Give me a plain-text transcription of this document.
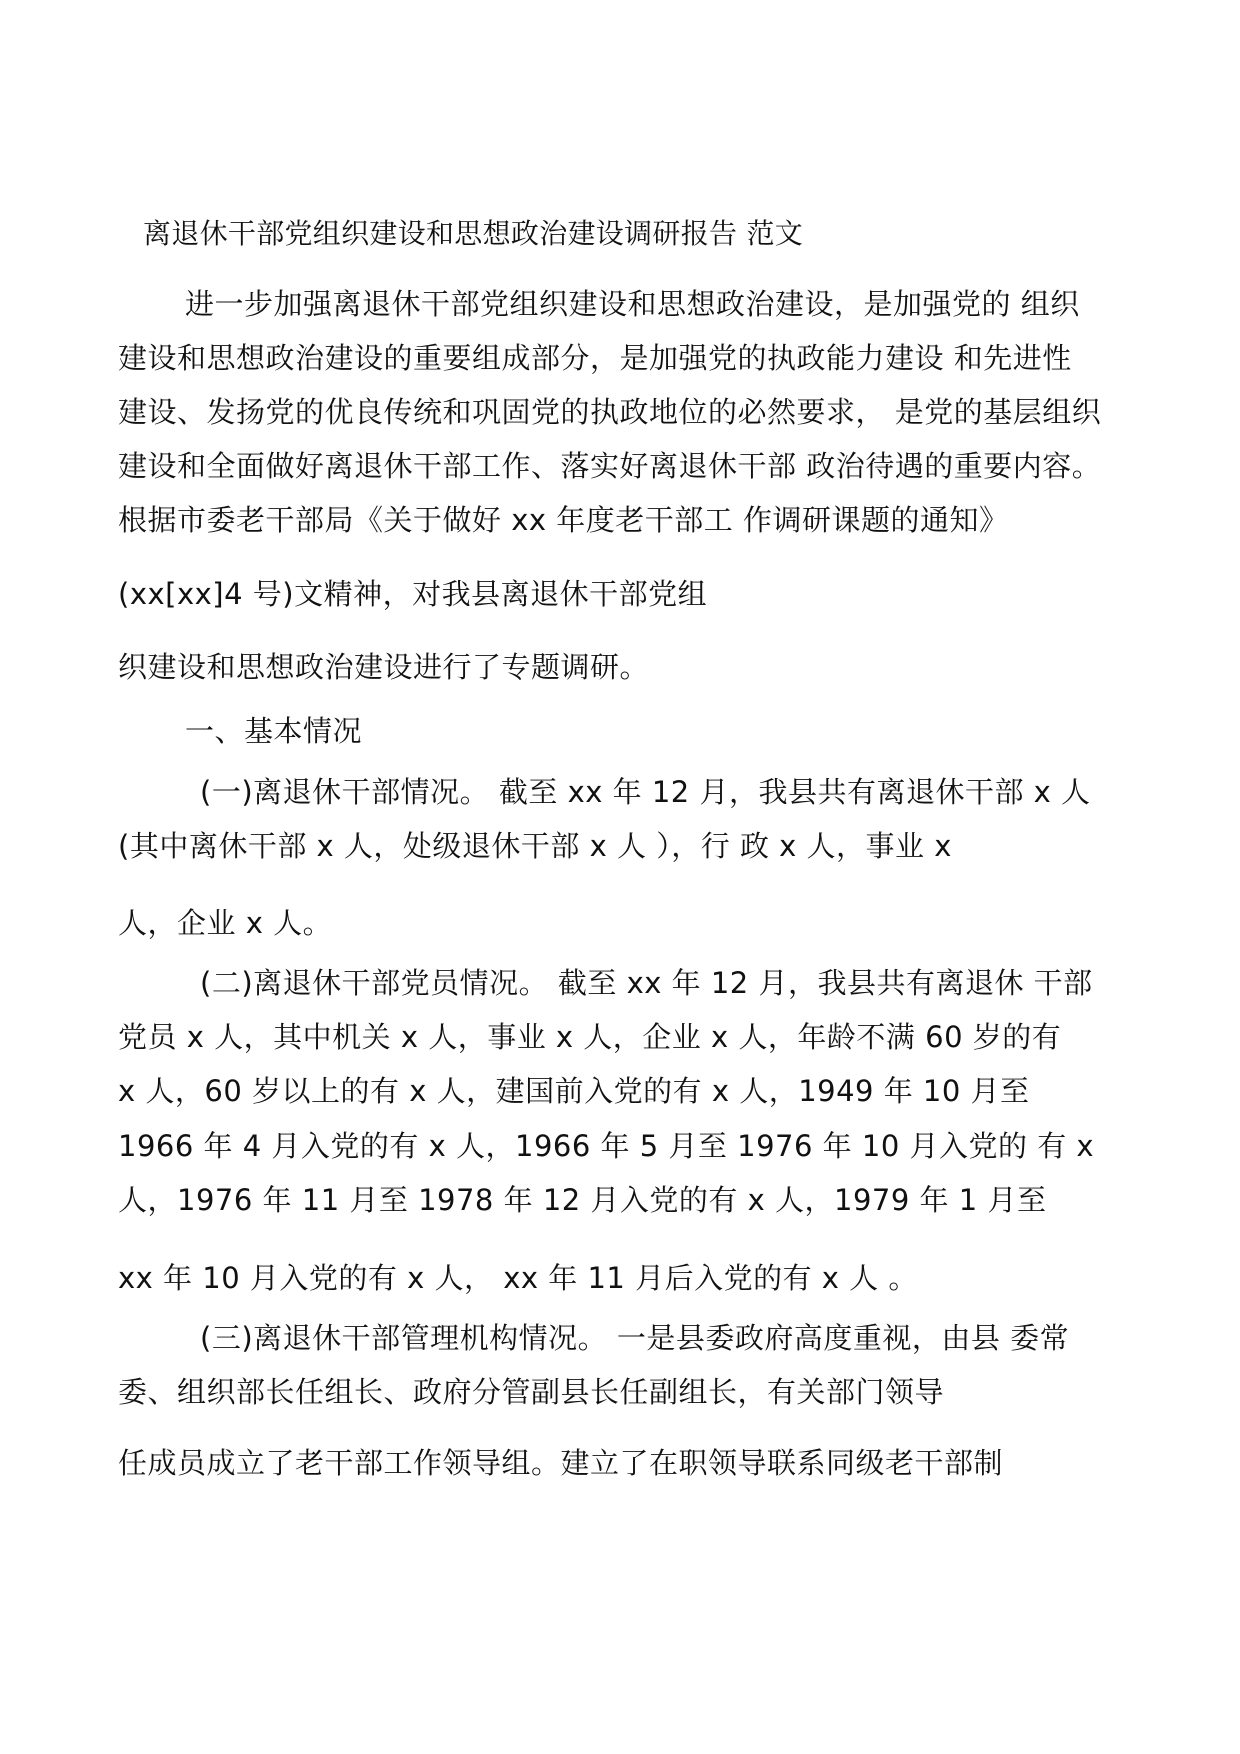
离退休干部党组织建设和思想政治建设调研报告 范文
进一步加强离退休干部党组织建设和思想政治建设，是加强党的 组织
建设和思想政治建设的重要组成部分，是加强党的执政能力建设 和先进性
建设、发扬党的优良传统和巩固党的执政地位的必然要求， 是党的基层组织
建设和全面做好离退休干部工作、落实好离退休干部 政治待遇的重要内容。
根据市委老干部局《关于做好 xx 年度老干部工 作调研课题的通知》
(xx[xx]4 号)文精神，对我县离退休干部党组
织建设和思想政治建设进行了专题调研。
一、基本情况
(一)离退休干部情况。 截至 xx 年 12 月，我县共有离退休干部 x 人
(其中离休干部 x 人，处级退休干部 x 人 ），行 政 x 人，事业 x
人，企业 x 人。
(二)离退休干部党员情况。 截至 xx 年 12 月，我县共有离退休 干部
党员 x 人，其中机关 x 人，事业 x 人，企业 x 人，年龄不满 60 岁的有
x 人，60 岁以上的有 x 人，建国前入党的有 x 人，1949 年 10 月至
1966 年 4 月入党的有 x 人，1966 年 5 月至 1976 年 10 月入党的 有 x
人，1976 年 11 月至 1978 年 12 月入党的有 x 人，1979 年 1 月至
xx 年 10 月入党的有 x 人， xx 年 11 月后入党的有 x 人 。
(三)离退休干部管理机构情况。 一是县委政府高度重视，由县 委常
委、组织部长任组长、政府分管副县长任副组长，有关部门领导
任成员成立了老干部工作领导组。建立了在职领导联系同级老干部制
